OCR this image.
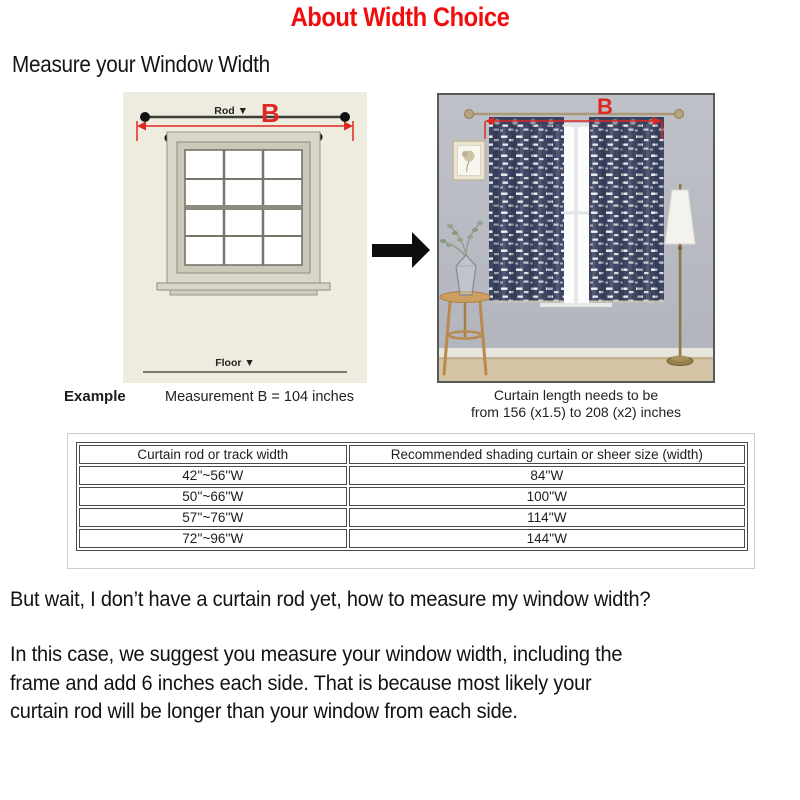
About Width Choice
Measure your Window Width
Rod ▼ B
Floor ▼
B
Example	Measurement B = 104 inches	Curtain length needs to be
from 156 (x1.5) to 208 (x2) inches
Curtain rod or track width	Recommended shading curtain or sheer size (width)
42''~56''W	84''W
50''~66''W	100''W
57''~76''W	114''W
72''~96''W	144''W
But wait, I don’t have a curtain rod yet, how to measure my window width?
In this case, we suggest you measure your window width, including the
frame and add 6 inches each side. That is because most likely your
curtain rod will be longer than your window from each side.
